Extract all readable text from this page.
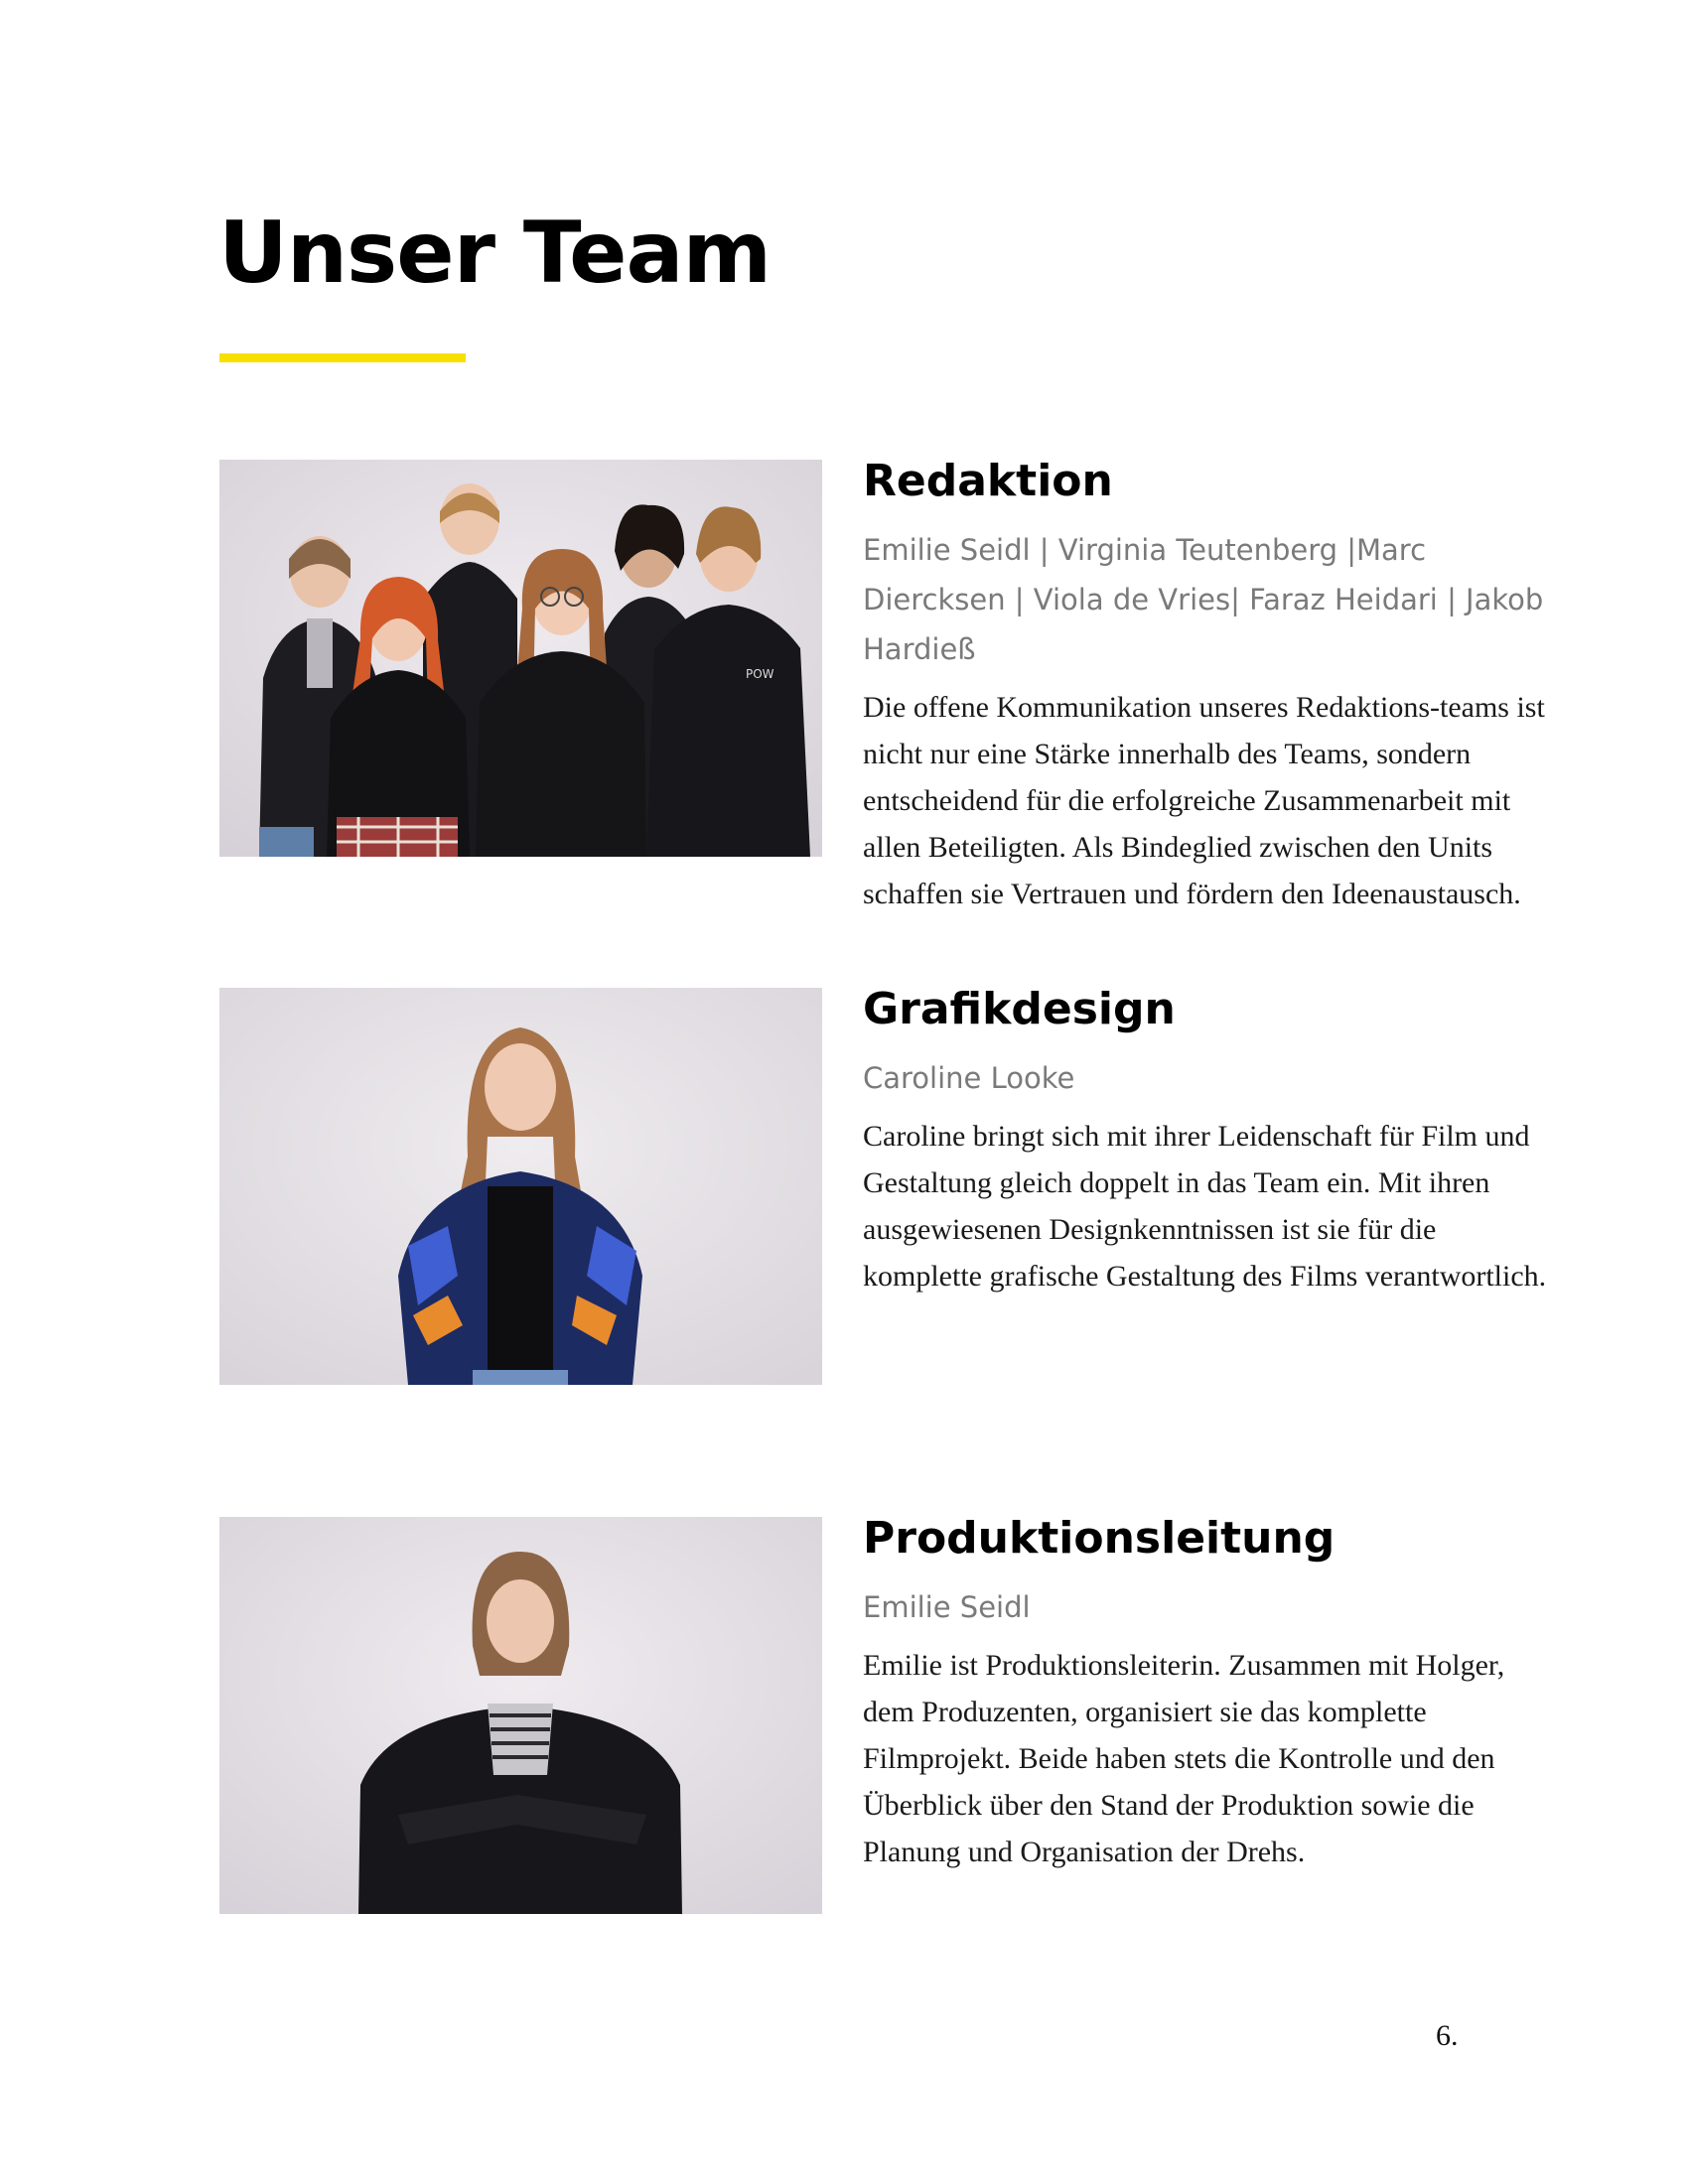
Unser Team
POW
Redaktion

Emilie Seidl | Virginia Teutenberg |Marc Diercksen | Viola de Vries| Faraz Heidari | Jakob Hardieß

Die offene Kommunikation unseres Redaktions-teams ist nicht nur eine Stärke innerhalb des Teams, sondern entscheidend für die erfolgreiche Zusammenarbeit mit allen Beteiligten. Als Bindeglied zwischen den Units schaffen sie Vertrauen und fördern den Ideenaustausch.

Grafikdesign

Caroline Looke

Caroline bringt sich mit ihrer Leidenschaft für Film und Gestaltung gleich doppelt in das Team ein. Mit ihren ausgewiesenen Designkenntnissen ist sie für die komplette grafische Gestaltung des Films verantwortlich.

Produktionsleitung

Emilie Seidl

Emilie ist Produktionsleiterin. Zusammen mit Holger, dem Produzenten, organisiert sie das komplette Filmprojekt. Beide haben stets die Kontrolle und den Überblick über den Stand der Produktion sowie die Planung und Organisation der Drehs.

6.
